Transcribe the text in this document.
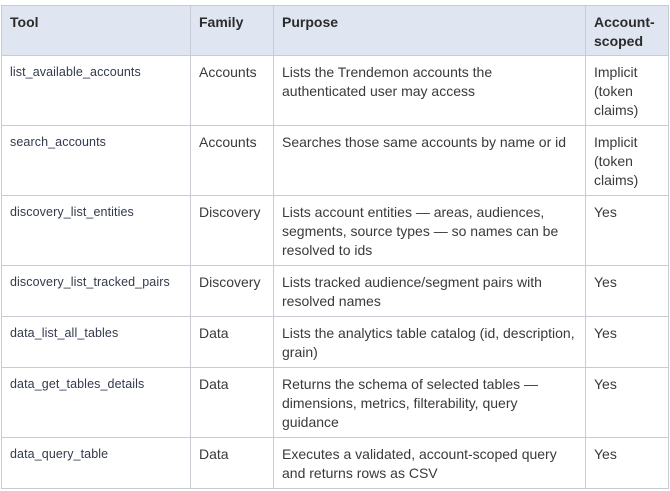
Tool	Family	Purpose	Account-scoped
list_available_accounts	Accounts	Lists the Trendemon accounts the authenticated user may access	Implicit (token claims)
search_accounts	Accounts	Searches those same accounts by name or id	Implicit (token claims)
discovery_list_entities	Discovery	Lists account entities — areas, audiences, segments, source types — so names can be resolved to ids	Yes
discovery_list_tracked_pairs	Discovery	Lists tracked audience/segment pairs with resolved names	Yes
data_list_all_tables	Data	Lists the analytics table catalog (id, description, grain)	Yes
data_get_tables_details	Data	Returns the schema of selected tables — dimensions, metrics, filterability, query guidance	Yes
data_query_table	Data	Executes a validated, account-scoped query and returns rows as CSV	Yes
